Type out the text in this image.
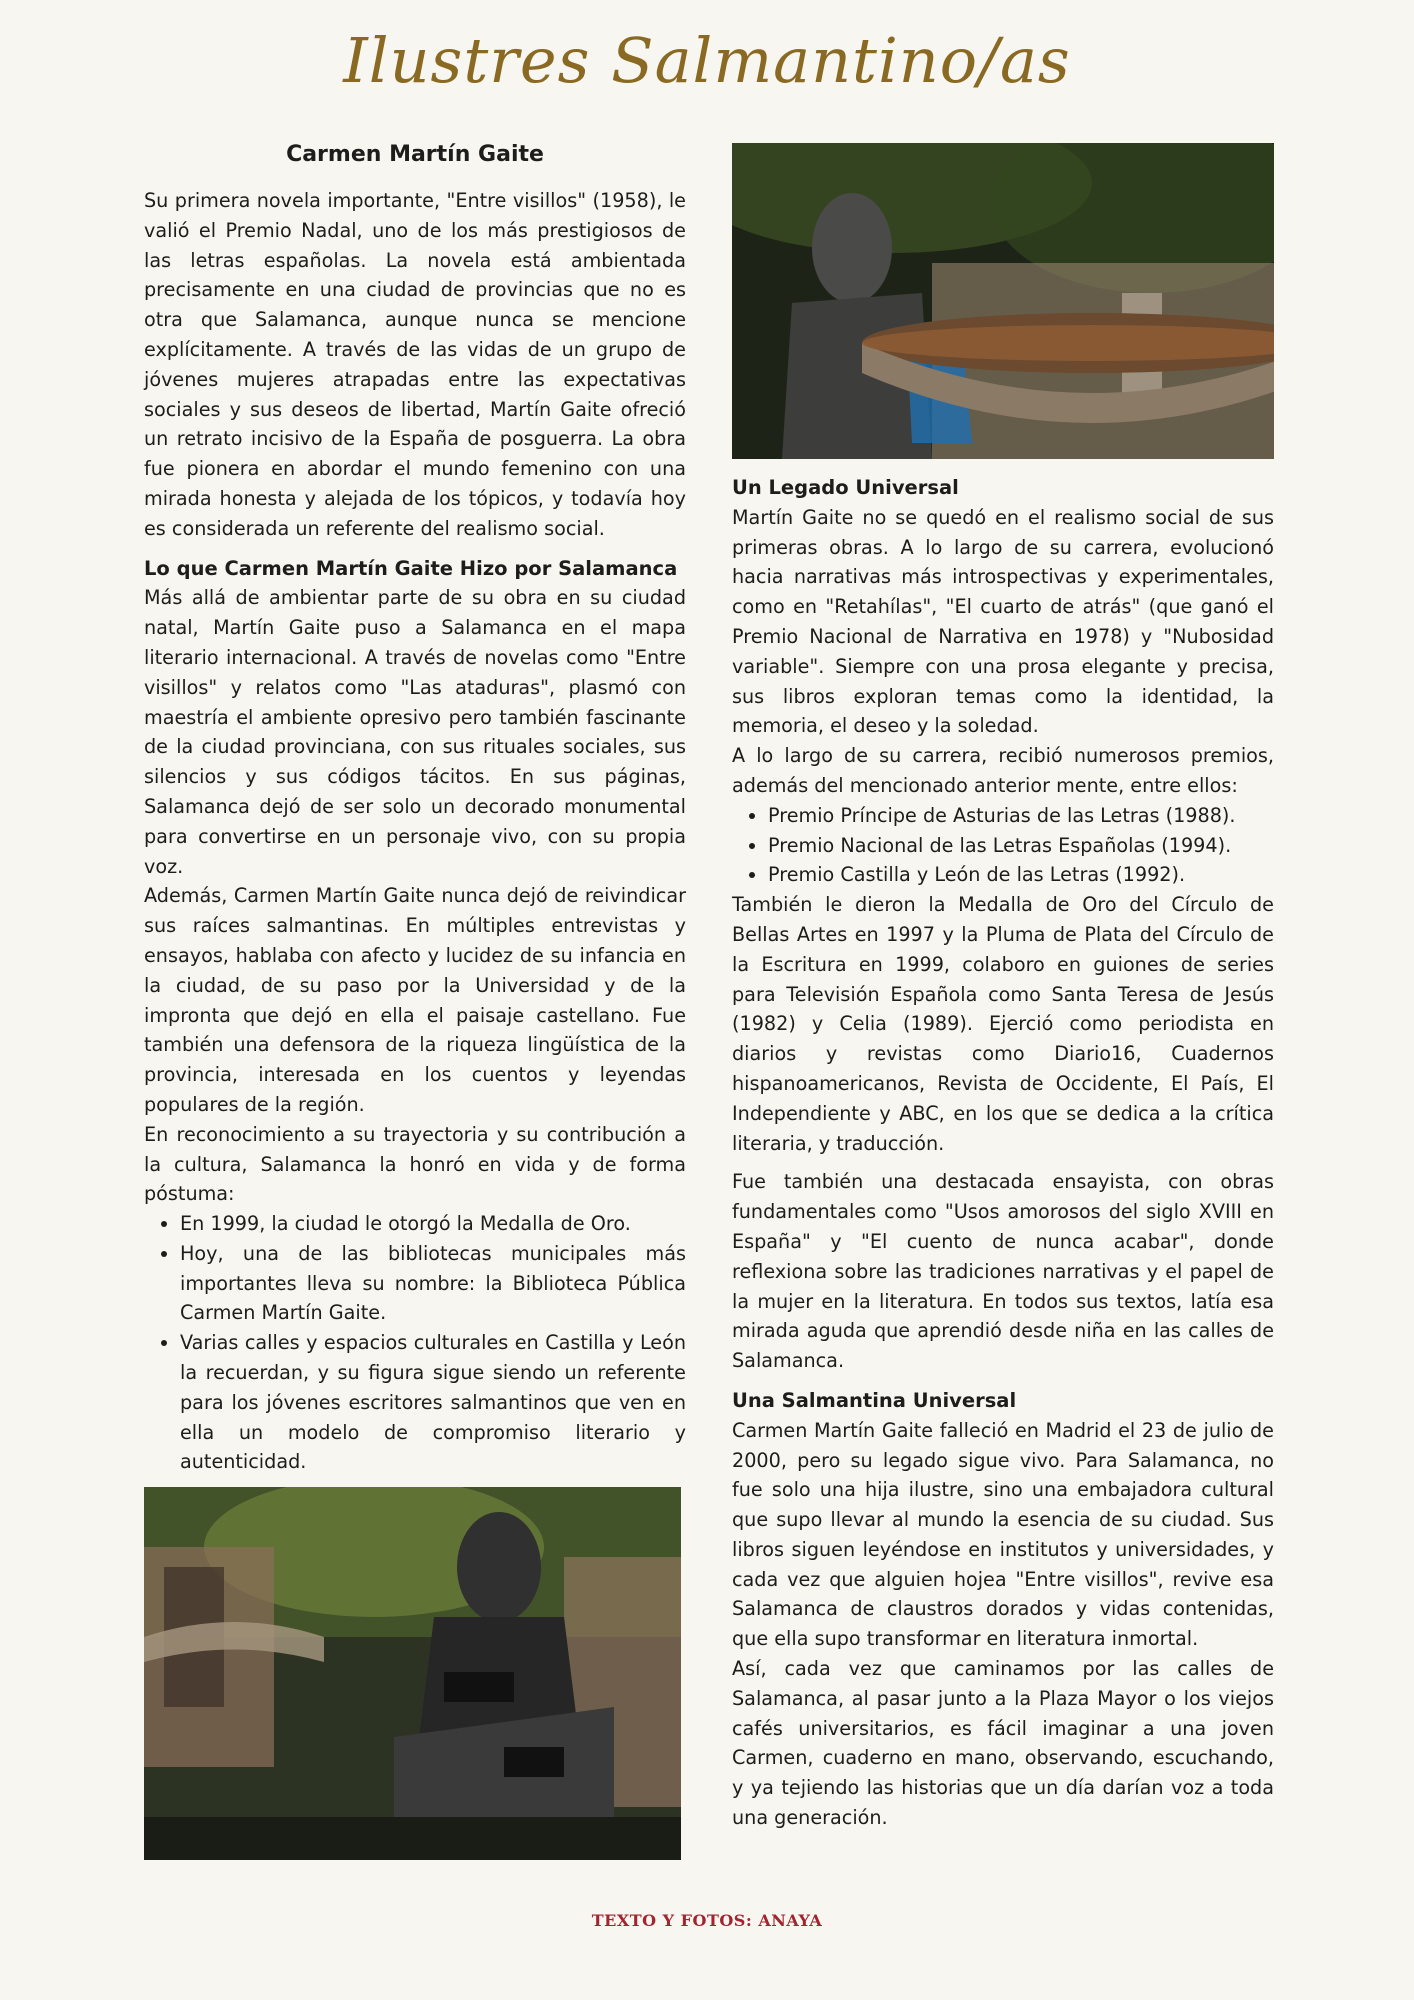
Ilustres Salmantino/as
Carmen Martín Gaite

Su primera novela importante, "Entre visillos" (1958), le valió el Premio Nadal, uno de los más prestigiosos de las letras españolas. La novela está ambientada precisamente en una ciudad de provincias que no es otra que Salamanca, aunque nunca se mencione explícitamente. A través de las vidas de un grupo de jóvenes mujeres atrapadas entre las expectativas sociales y sus deseos de libertad, Martín Gaite ofreció un retrato incisivo de la España de posguerra. La obra fue pionera en abordar el mundo femenino con una mirada honesta y alejada de los tópicos, y todavía hoy es considerada un referente del realismo social.

Lo que Carmen Martín Gaite Hizo por Salamanca

Más allá de ambientar parte de su obra en su ciudad natal, Martín Gaite puso a Salamanca en el mapa literario internacional. A través de novelas como "Entre visillos" y relatos como "Las ataduras", plasmó con maestría el ambiente opresivo pero también fascinante de la ciudad provinciana, con sus rituales sociales, sus silencios y sus códigos tácitos. En sus páginas, Salamanca dejó de ser solo un decorado monumental para convertirse en un personaje vivo, con su propia voz.

Además, Carmen Martín Gaite nunca dejó de reivindicar sus raíces salmantinas. En múltiples entrevistas y ensayos, hablaba con afecto y lucidez de su infancia en la ciudad, de su paso por la Universidad y de la impronta que dejó en ella el paisaje castellano. Fue también una defensora de la riqueza lingüística de la provincia, interesada en los cuentos y leyendas populares de la región.

En reconocimiento a su trayectoria y su contribución a la cultura, Salamanca la honró en vida y de forma póstuma:

• En 1999, la ciudad le otorgó la Medalla de Oro.
• Hoy, una de las bibliotecas municipales más importantes lleva su nombre: la Biblioteca Pública Carmen Martín Gaite.
• Varias calles y espacios culturales en Castilla y León la recuerdan, y su figura sigue siendo un referente para los jóvenes escritores salmantinos que ven en ella un modelo de compromiso literario y autenticidad.
Un Legado Universal

Martín Gaite no se quedó en el realismo social de sus primeras obras. A lo largo de su carrera, evolucionó hacia narrativas más introspectivas y experimentales, como en "Retahílas", "El cuarto de atrás" (que ganó el Premio Nacional de Narrativa en 1978) y "Nubosidad variable". Siempre con una prosa elegante y precisa, sus libros exploran temas como la identidad, la memoria, el deseo y la soledad.

A lo largo de su carrera, recibió numerosos premios, además del mencionado anterior mente, entre ellos:

• Premio Príncipe de Asturias de las Letras (1988).
• Premio Nacional de las Letras Españolas (1994).
• Premio Castilla y León de las Letras (1992).

También le dieron la Medalla de Oro del Círculo de Bellas Artes en 1997 y la Pluma de Plata del Círculo de la Escritura en 1999, colaboro en guiones de series para Televisión Española como Santa Teresa de Jesús (1982) y Celia (1989). Ejerció como periodista en diarios y revistas como Diario16, Cuadernos hispanoamericanos, Revista de Occidente, El País, El Independiente y ABC, en los que se dedica a la crítica literaria, y traducción.

Fue también una destacada ensayista, con obras fundamentales como "Usos amorosos del siglo XVIII en España" y "El cuento de nunca acabar", donde reflexiona sobre las tradiciones narrativas y el papel de la mujer en la literatura. En todos sus textos, latía esa mirada aguda que aprendió desde niña en las calles de Salamanca.

Una Salmantina Universal

Carmen Martín Gaite falleció en Madrid el 23 de julio de 2000, pero su legado sigue vivo. Para Salamanca, no fue solo una hija ilustre, sino una embajadora cultural que supo llevar al mundo la esencia de su ciudad. Sus libros siguen leyéndose en institutos y universidades, y cada vez que alguien hojea "Entre visillos", revive esa Salamanca de claustros dorados y vidas contenidas, que ella supo transformar en literatura inmortal.

Así, cada vez que caminamos por las calles de Salamanca, al pasar junto a la Plaza Mayor o los viejos cafés universitarios, es fácil imaginar a una joven Carmen, cuaderno en mano, observando, escuchando, y ya tejiendo las historias que un día darían voz a toda una generación.

TEXTO Y FOTOS: ANAYA
